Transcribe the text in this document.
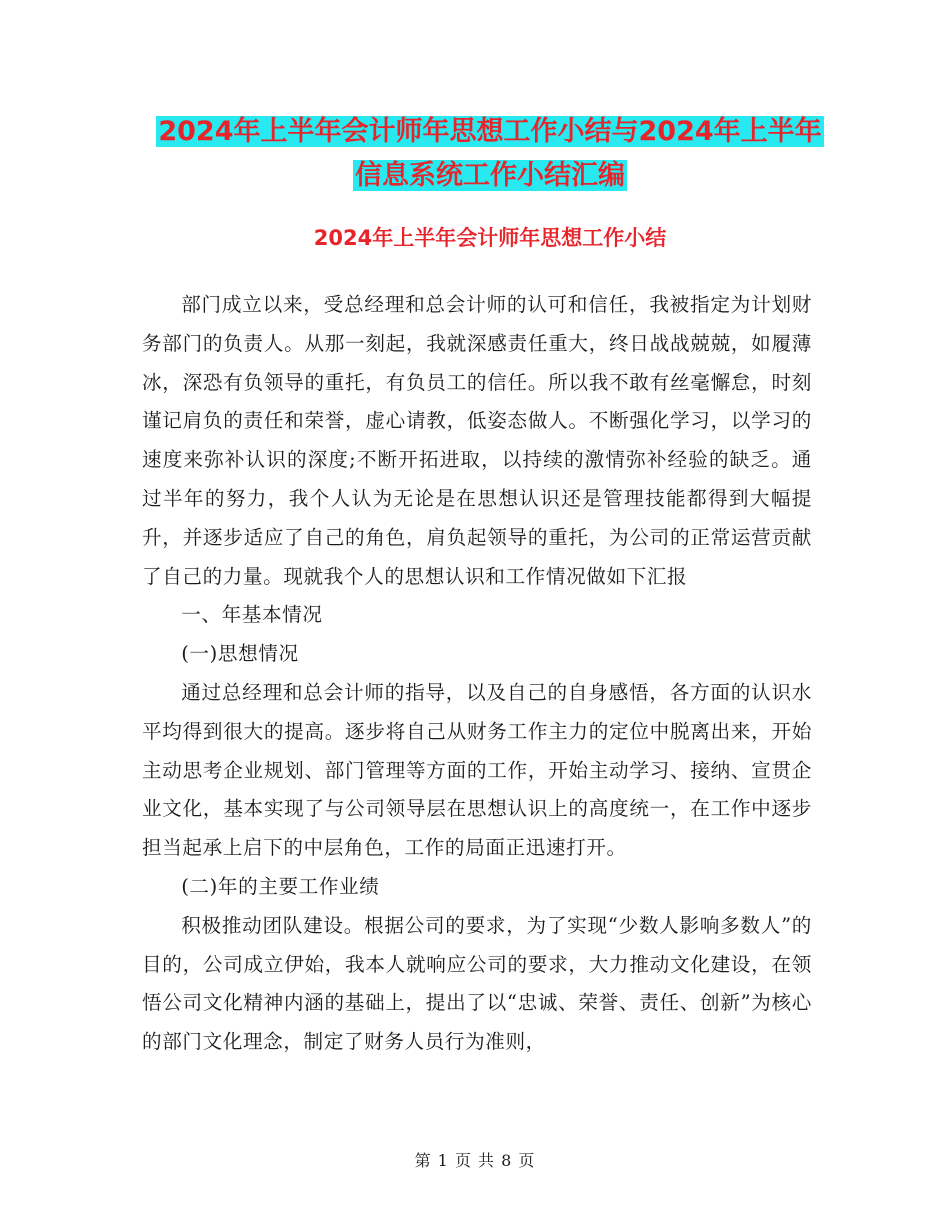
2024年上半年会计师年思想工作小结与2024年上半年
信息系统工作小结汇编
2024年上半年会计师年思想工作小结

部门成立以来，受总经理和总会计师的认可和信任，我被指定为计划财务部门的负责人。从那一刻起，我就深感责任重大，终日战战兢兢，如履薄冰，深恐有负领导的重托，有负员工的信任。所以我不敢有丝毫懈怠，时刻谨记肩负的责任和荣誉，虚心请教，低姿态做人。不断强化学习，以学习的速度来弥补认识的深度;不断开拓进取，以持续的激情弥补经验的缺乏。通过半年的努力，我个人认为无论是在思想认识还是管理技能都得到大幅提升，并逐步适应了自己的角色，肩负起领导的重托，为公司的正常运营贡献了自己的力量。现就我个人的思想认识和工作情况做如下汇报

一、年基本情况

(一)思想情况

通过总经理和总会计师的指导，以及自己的自身感悟，各方面的认识水平均得到很大的提高。逐步将自己从财务工作主力的定位中脱离出来，开始主动思考企业规划、部门管理等方面的工作，开始主动学习、接纳、宣贯企业文化，基本实现了与公司领导层在思想认识上的高度统一，在工作中逐步担当起承上启下的中层角色，工作的局面正迅速打开。

(二)年的主要工作业绩

积极推动团队建设。根据公司的要求，为了实现“少数人影响多数人”的目的，公司成立伊始，我本人就响应公司的要求，大力推动文化建设，在领悟公司文化精神内涵的基础上，提出了以“忠诚、荣誉、责任、创新”为核心的部门文化理念，制定了财务人员行为准则，

第 1 页 共 8 页
